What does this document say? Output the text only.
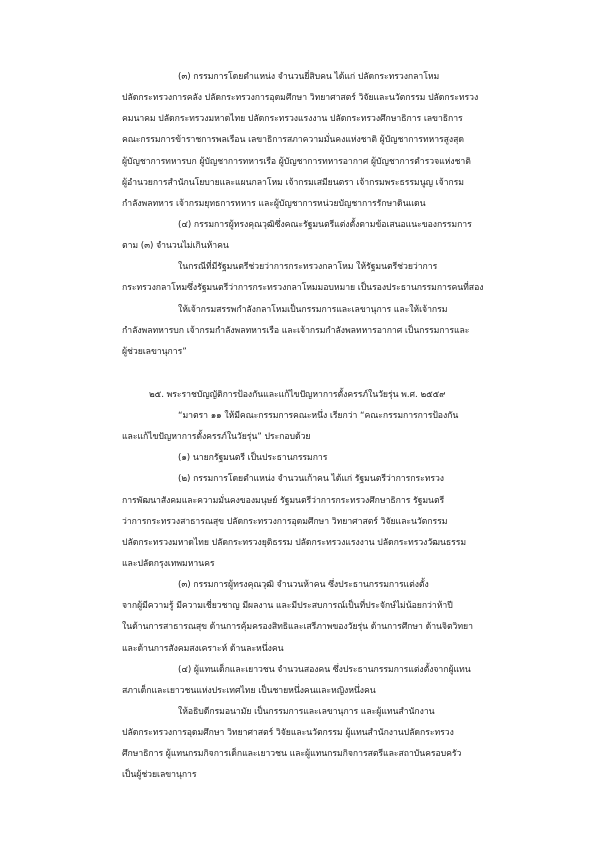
(๓) กรรมการโดยตำแหน่ง จำนวนยี่สิบคน ได้แก่ ปลัดกระทรวงกลาโหม
ปลัดกระทรวงการคลัง ปลัดกระทรวงการอุดมศึกษา วิทยาศาสตร์ วิจัยและนวัตกรรม ปลัดกระทรวง
คมนาคม ปลัดกระทรวงมหาดไทย ปลัดกระทรวงแรงงาน ปลัดกระทรวงศึกษาธิการ เลขาธิการ
คณะกรรมการข้าราชการพลเรือน เลขาธิการสภาความมั่นคงแห่งชาติ ผู้บัญชาการทหารสูงสุด
ผู้บัญชาการทหารบก ผู้บัญชาการทหารเรือ ผู้บัญชาการทหารอากาศ ผู้บัญชาการตำรวจแห่งชาติ
ผู้อำนวยการสำนักนโยบายและแผนกลาโหม เจ้ากรมเสมียนตรา เจ้ากรมพระธรรมนูญ เจ้ากรม
กำลังพลทหาร เจ้ากรมยุทธการทหาร และผู้บัญชาการหน่วยบัญชาการรักษาดินแดน
(๔) กรรมการผู้ทรงคุณวุฒิซึ่งคณะรัฐมนตรีแต่งตั้งตามข้อเสนอแนะของกรรมการ
ตาม (๓) จำนวนไม่เกินห้าคน
ในกรณีที่มีรัฐมนตรีช่วยว่าการกระทรวงกลาโหม ให้รัฐมนตรีช่วยว่าการ
กระทรวงกลาโหมซึ่งรัฐมนตรีว่าการกระทรวงกลาโหมมอบหมาย เป็นรองประธานกรรมการคนที่สอง
ให้เจ้ากรมสรรพกำลังกลาโหมเป็นกรรมการและเลขานุการ และให้เจ้ากรม
กำลังพลทหารบก เจ้ากรมกำลังพลทหารเรือ และเจ้ากรมกำลังพลทหารอากาศ เป็นกรรมการและ
ผู้ช่วยเลขานุการ”
๒๕. พระราชบัญญัติการป้องกันและแก้ไขปัญหาการตั้งครรภ์ในวัยรุ่น พ.ศ. ๒๕๕๙
“มาตรา ๑๑ ให้มีคณะกรรมการคณะหนึ่ง เรียกว่า “คณะกรรมการการป้องกัน
และแก้ไขปัญหาการตั้งครรภ์ในวัยรุ่น” ประกอบด้วย
(๑) นายกรัฐมนตรี เป็นประธานกรรมการ
(๒) กรรมการโดยตำแหน่ง จำนวนเก้าคน ได้แก่ รัฐมนตรีว่าการกระทรวง
การพัฒนาสังคมและความมั่นคงของมนุษย์ รัฐมนตรีว่าการกระทรวงศึกษาธิการ รัฐมนตรี
ว่าการกระทรวงสาธารณสุข ปลัดกระทรวงการอุดมศึกษา วิทยาศาสตร์ วิจัยและนวัตกรรม
ปลัดกระทรวงมหาดไทย ปลัดกระทรวงยุติธรรม ปลัดกระทรวงแรงงาน ปลัดกระทรวงวัฒนธรรม
และปลัดกรุงเทพมหานคร
(๓) กรรมการผู้ทรงคุณวุฒิ จำนวนห้าคน ซึ่งประธานกรรมการแต่งตั้ง
จากผู้มีความรู้ มีความเชี่ยวชาญ มีผลงาน และมีประสบการณ์เป็นที่ประจักษ์ไม่น้อยกว่าห้าปี
ในด้านการสาธารณสุข ด้านการคุ้มครองสิทธิและเสรีภาพของวัยรุ่น ด้านการศึกษา ด้านจิตวิทยา
และด้านการสังคมสงเคราะห์ ด้านละหนึ่งคน
(๔) ผู้แทนเด็กและเยาวชน จำนวนสองคน ซึ่งประธานกรรมการแต่งตั้งจากผู้แทน
สภาเด็กและเยาวชนแห่งประเทศไทย เป็นชายหนึ่งคนและหญิงหนึ่งคน
ให้อธิบดีกรมอนามัย เป็นกรรมการและเลขานุการ และผู้แทนสำนักงาน
ปลัดกระทรวงการอุดมศึกษา วิทยาศาสตร์ วิจัยและนวัตกรรม ผู้แทนสำนักงานปลัดกระทรวง
ศึกษาธิการ ผู้แทนกรมกิจการเด็กและเยาวชน และผู้แทนกรมกิจการสตรีและสถาบันครอบครัว
เป็นผู้ช่วยเลขานุการ
